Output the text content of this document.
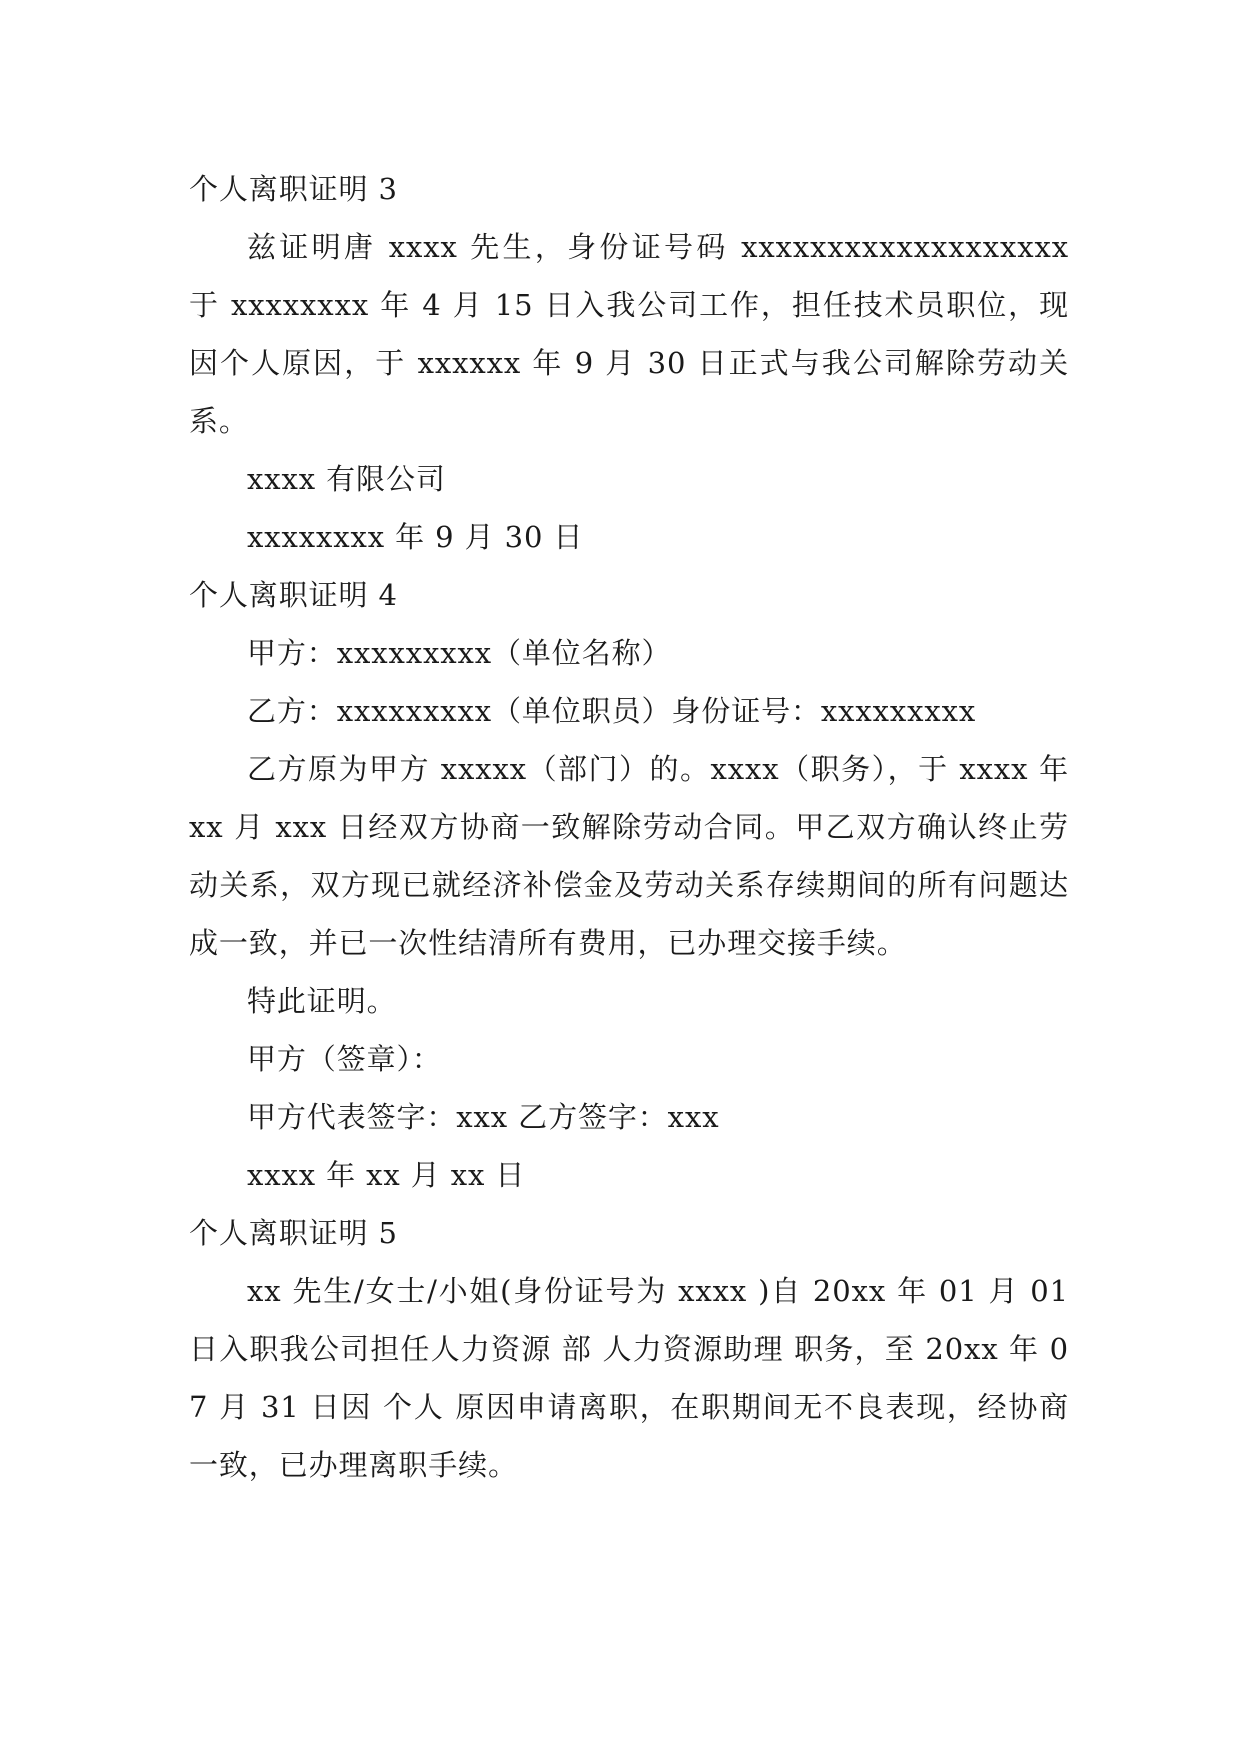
个人离职证明 3

兹证明唐 xxxx 先生，身份证号码 xxxxxxxxxxxxxxxxxxx 于 xxxxxxxx 年 4 月 15 日入我公司工作，担任技术员职位，现因个人原因，于 xxxxxx 年 9 月 30 日正式与我公司解除劳动关系。

xxxx 有限公司

xxxxxxxx 年 9 月 30 日

个人离职证明 4

甲方：xxxxxxxxx（单位名称）

乙方：xxxxxxxxx（单位职员）身份证号：xxxxxxxxx

乙方原为甲方 xxxxx（部门）的。xxxx（职务），于 xxxx 年 xx 月 xxx 日经双方协商一致解除劳动合同。甲乙双方确认终止劳动关系，双方现已就经济补偿金及劳动关系存续期间的所有问题达成一致，并已一次性结清所有费用，已办理交接手续。

特此证明。

甲方（签章）：

甲方代表签字：xxx 乙方签字：xxx

xxxx 年 xx 月 xx 日

个人离职证明 5

xx 先生/女士/小姐(身份证号为 xxxx )自 20xx 年 01 月 01 日入职我公司担任人力资源 部 人力资源助理 职务，至 20xx 年 07 月 31 日因 个人 原因申请离职，在职期间无不良表现，经协商一致，已办理离职手续。
